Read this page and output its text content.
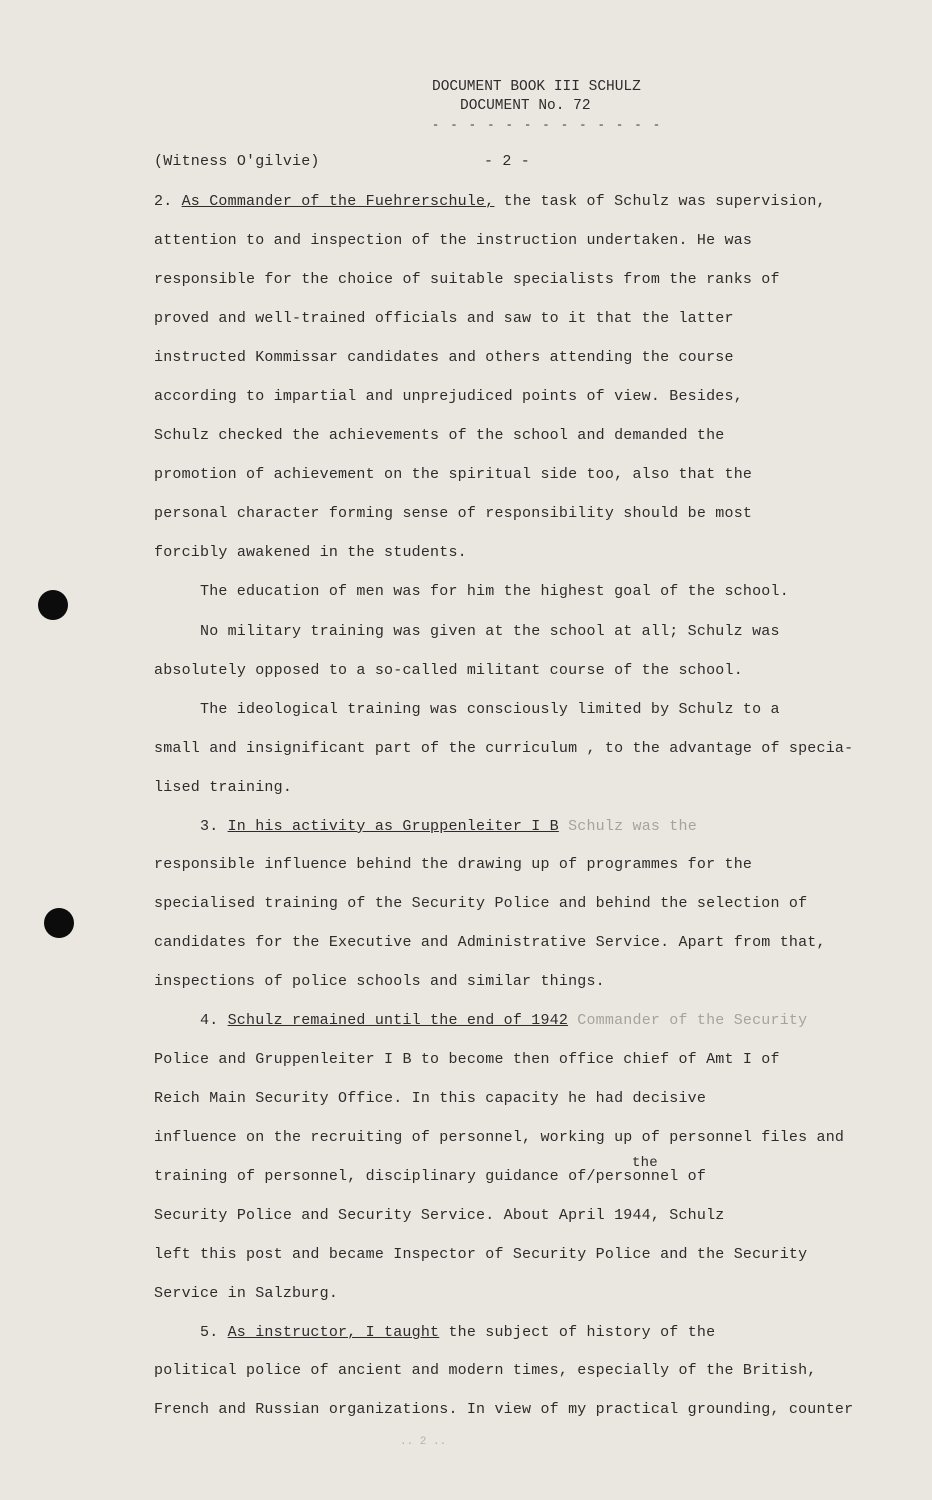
DOCUMENT BOOK III SCHULZ
DOCUMENT No. 72
- - - - - - - - - - - - -
(Witness O'gilvie)	- 2 -
2. As Commander of the Fuehrerschule, the task of Schulz was supervision,
attention to and inspection of the instruction undertaken. He was
responsible for the choice of suitable specialists from the ranks of
proved and well-trained officials and saw to it that the latter
instructed Kommissar candidates and others attending the course
according to impartial and unprejudiced points of view. Besides,
Schulz checked the achievements of the school and demanded the
promotion of achievement on the spiritual side too, also that the
personal character forming sense of responsibility should be most
forcibly awakened in the students.
The education of men was for him the highest goal of the school.
No military training was given at the school at all; Schulz was
absolutely opposed to a so-called militant course of the school.
The ideological training was consciously limited by Schulz to a
small and insignificant part of the curriculum , to the advantage of specia-
lised training.
3. In his activity as Gruppenleiter I B Schulz was the
responsible influence behind the drawing up of programmes for the
specialised training of the Security Police and behind the selection of
candidates for the Executive and Administrative Service. Apart from that,
inspections of police schools and similar things.
4. Schulz remained until the end of 1942 Commander of the Security
Police and Gruppenleiter I B to become then office chief of Amt I of
Reich Main Security Office. In this capacity he had decisive
influence on the recruiting of personnel, working up of personnel files and
training of personnel, disciplinary guidance of/personnel of
the
Security Police and Security Service. About April 1944, Schulz
left this post and became Inspector of Security Police and the Security
Service in Salzburg.
5. As instructor, I taught the subject of history of the
political police of ancient and modern times, especially of the British,
French and Russian organizations. In view of my practical grounding, counter
.. 2 ..
